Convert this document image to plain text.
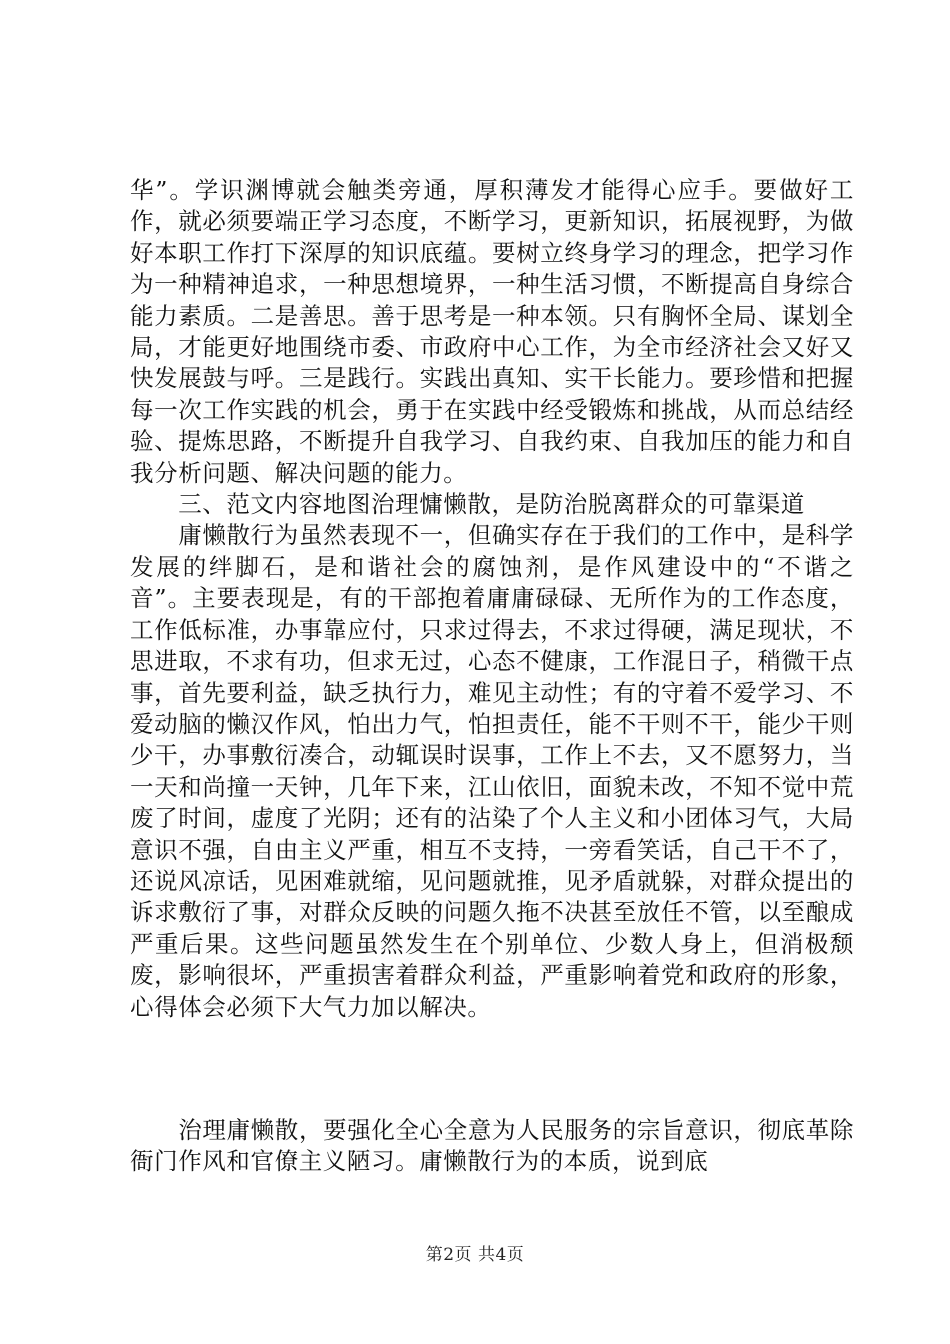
华”。学识渊博就会触类旁通，厚积薄发才能得心应手。要做好工作，就必须要端正学习态度，不断学习，更新知识，拓展视野，为做好本职工作打下深厚的知识底蕴。要树立终身学习的理念，把学习作为一种精神追求，一种思想境界，一种生活习惯，不断提高自身综合能力素质。二是善思。善于思考是一种本领。只有胸怀全局、谋划全局，才能更好地围绕市委、市政府中心工作，为全市经济社会又好又快发展鼓与呼。三是践行。实践出真知、实干长能力。要珍惜和把握每一次工作实践的机会，勇于在实践中经受锻炼和挑战，从而总结经验、提炼思路，不断提升自我学习、自我约束、自我加压的能力和自我分析问题、解决问题的能力。

　　三、范文内容地图治理慵懒散，是防治脱离群众的可靠渠道

　　庸懒散行为虽然表现不一，但确实存在于我们的工作中，是科学发展的绊脚石，是和谐社会的腐蚀剂，是作风建设中的“不谐之音”。主要表现是，有的干部抱着庸庸碌碌、无所作为的工作态度，工作低标准，办事靠应付，只求过得去，不求过得硬，满足现状，不思进取，不求有功，但求无过，心态不健康，工作混日子，稍微干点事，首先要利益，缺乏执行力，难见主动性；有的守着不爱学习、不爱动脑的懒汉作风，怕出力气，怕担责任，能不干则不干，能少干则少干，办事敷衍凑合，动辄误时误事，工作上不去，又不愿努力，当一天和尚撞一天钟，几年下来，江山依旧，面貌未改，不知不觉中荒废了时间，虚度了光阴；还有的沾染了个人主义和小团体习气，大局意识不强，自由主义严重，相互不支持，一旁看笑话，自己干不了，还说风凉话，见困难就缩，见问题就推，见矛盾就躲，对群众提出的诉求敷衍了事，对群众反映的问题久拖不决甚至放任不管，以至酿成严重后果。这些问题虽然发生在个别单位、少数人身上，但消极颓废，影响很坏，严重损害着群众利益，严重影响着党和政府的形象，心得体会必须下大气力加以解决。

　　治理庸懒散，要强化全心全意为人民服务的宗旨意识，彻底革除衙门作风和官僚主义陋习。庸懒散行为的本质，说到底

第2页 共4页
